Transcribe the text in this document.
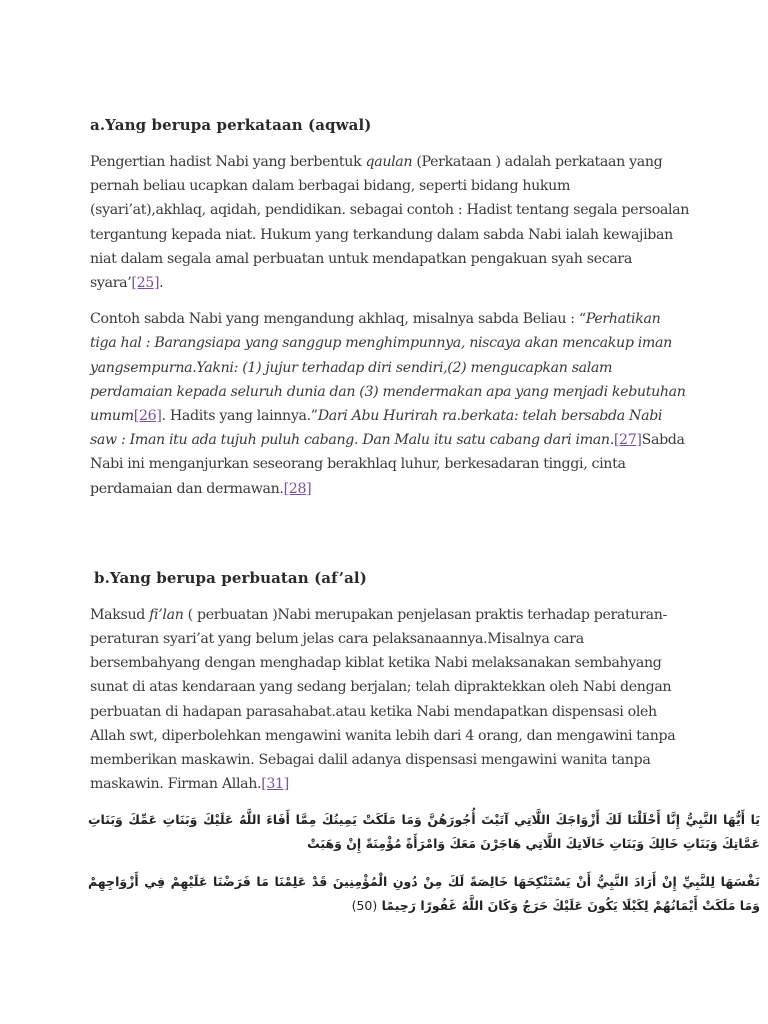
a.Yang berupa perkataan (aqwal)
Pengertian hadist Nabi yang berbentuk qaulan (Perkataan ) adalah perkataan yang pernah beliau ucapkan dalam berbagai bidang, seperti bidang hukum (syari’at),akhlaq, aqidah, pendidikan. sebagai contoh : Hadist tentang segala persoalan tergantung kepada niat. Hukum yang terkandung dalam sabda Nabi ialah kewajiban niat dalam segala amal perbuatan untuk mendapatkan pengakuan syah secara syara’[25].
Contoh sabda Nabi yang mengandung akhlaq, misalnya sabda Beliau : “Perhatikan tiga hal : Barangsiapa yang sanggup menghimpunnya, niscaya akan mencakup iman yangsempurna.Yakni: (1) jujur terhadap diri sendiri,(2) mengucapkan salam perdamaian kepada seluruh dunia dan (3) mendermakan apa yang menjadi kebutuhan umum[26]. Hadits yang lainnya.”Dari Abu Hurirah ra.berkata: telah bersabda Nabi saw : Iman itu ada tujuh puluh cabang. Dan Malu itu satu cabang dari iman.[27]Sabda Nabi ini menganjurkan seseorang berakhlaq luhur, berkesadaran tinggi, cinta perdamaian dan dermawan.[28]
b.Yang berupa perbuatan (af’al)
Maksud fi’lan ( perbuatan )Nabi merupakan penjelasan praktis terhadap peraturan-peraturan syari’at yang belum jelas cara pelaksanaannya.Misalnya cara bersembahyang dengan menghadap kiblat ketika Nabi melaksanakan sembahyang sunat di atas kendaraan yang sedang berjalan; telah dipraktekkan oleh Nabi dengan perbuatan di hadapan parasahabat.atau ketika Nabi mendapatkan dispensasi oleh Allah swt, diperbolehkan mengawini wanita lebih dari 4 orang, dan mengawini tanpa memberikan maskawin. Sebagai dalil adanya dispensasi mengawini wanita tanpa maskawin. Firman Allah.[31]
يَا أَيُّهَا النَّبِيُّ إِنَّا أَحْلَلْنَا لَكَ أَزْوَاجَكَ اللَّاتِي آتَيْتَ أُجُورَهُنَّ وَمَا مَلَكَتْ يَمِينُكَ مِمَّا أَفَاءَ اللَّهُ عَلَيْكَ وَبَنَاتِ عَمِّكَ وَبَنَاتِ عَمَّاتِكَ وَبَنَاتِ خَالِكَ وَبَنَاتِ خَالَاتِكَ اللَّاتِي هَاجَرْنَ مَعَكَ وَامْرَأَةً مُؤْمِنَةً إِنْ وَهَبَتْ
نَفْسَهَا لِلنَّبِيِّ إِنْ أَرَادَ النَّبِيُّ أَنْ يَسْتَنْكِحَهَا خَالِصَةً لَكَ مِنْ دُونِ الْمُؤْمِنِينَ قَدْ عَلِمْنَا مَا فَرَضْنَا عَلَيْهِمْ فِي أَزْوَاجِهِمْ وَمَا مَلَكَتْ أَيْمَانُهُمْ لِكَيْلَا يَكُونَ عَلَيْكَ حَرَجٌ وَكَانَ اللَّهُ غَفُورًا رَحِيمًا (50)
